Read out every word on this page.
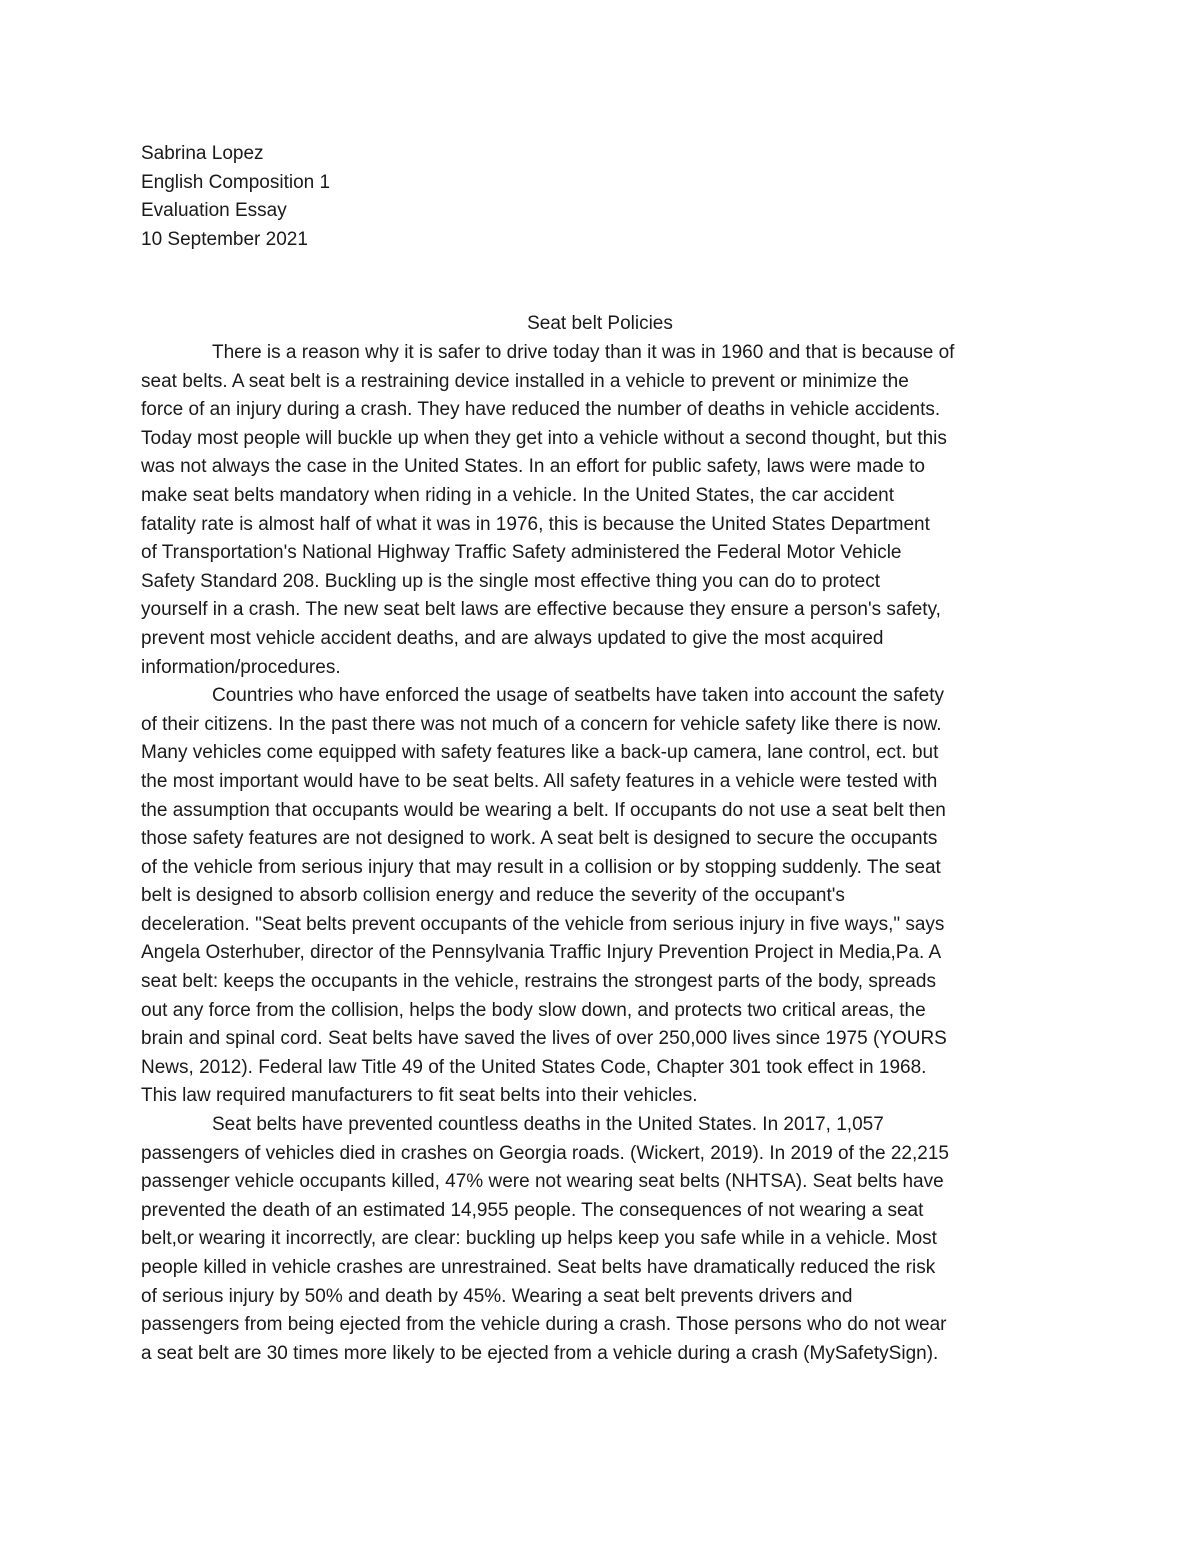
Sabrina Lopez
English Composition 1
Evaluation Essay
10 September 2021
Seat belt Policies

There is a reason why it is safer to drive today than it was in 1960 and that is because of
seat belts. A seat belt is a restraining device installed in a vehicle to prevent or minimize the
force of an injury during a crash. They have reduced the number of deaths in vehicle accidents.
Today most people will buckle up when they get into a vehicle without a second thought, but this
was not always the case in the United States. In an effort for public safety, laws were made to
make seat belts mandatory when riding in a vehicle. In the United States, the car accident
fatality rate is almost half of what it was in 1976, this is because the United States Department
of Transportation's National Highway Traffic Safety administered the Federal Motor Vehicle
Safety Standard 208. Buckling up is the single most effective thing you can do to protect
yourself in a crash. The new seat belt laws are effective because they ensure a person's safety,
prevent most vehicle accident deaths, and are always updated to give the most acquired
information/procedures.

Countries who have enforced the usage of seatbelts have taken into account the safety
of their citizens. In the past there was not much of a concern for vehicle safety like there is now.
Many vehicles come equipped with safety features like a back-up camera, lane control, ect. but
the most important would have to be seat belts. All safety features in a vehicle were tested with
the assumption that occupants would be wearing a belt. If occupants do not use a seat belt then
those safety features are not designed to work. A seat belt is designed to secure the occupants
of the vehicle from serious injury that may result in a collision or by stopping suddenly. The seat
belt is designed to absorb collision energy and reduce the severity of the occupant's
deceleration. "Seat belts prevent occupants of the vehicle from serious injury in five ways," says
Angela Osterhuber, director of the Pennsylvania Traffic Injury Prevention Project in Media,Pa. A
seat belt: keeps the occupants in the vehicle, restrains the strongest parts of the body, spreads
out any force from the collision, helps the body slow down, and protects two critical areas, the
brain and spinal cord. Seat belts have saved the lives of over 250,000 lives since 1975 (YOURS
News, 2012). Federal law Title 49 of the United States Code, Chapter 301 took effect in 1968.
This law required manufacturers to fit seat belts into their vehicles.

Seat belts have prevented countless deaths in the United States. In 2017, 1,057
passengers of vehicles died in crashes on Georgia roads. (Wickert, 2019). In 2019 of the 22,215
passenger vehicle occupants killed, 47% were not wearing seat belts (NHTSA). Seat belts have
prevented the death of an estimated 14,955 people. The consequences of not wearing a seat
belt,or wearing it incorrectly, are clear: buckling up helps keep you safe while in a vehicle. Most
people killed in vehicle crashes are unrestrained. Seat belts have dramatically reduced the risk
of serious injury by 50% and death by 45%. Wearing a seat belt prevents drivers and
passengers from being ejected from the vehicle during a crash. Those persons who do not wear
a seat belt are 30 times more likely to be ejected from a vehicle during a crash (MySafetySign).
